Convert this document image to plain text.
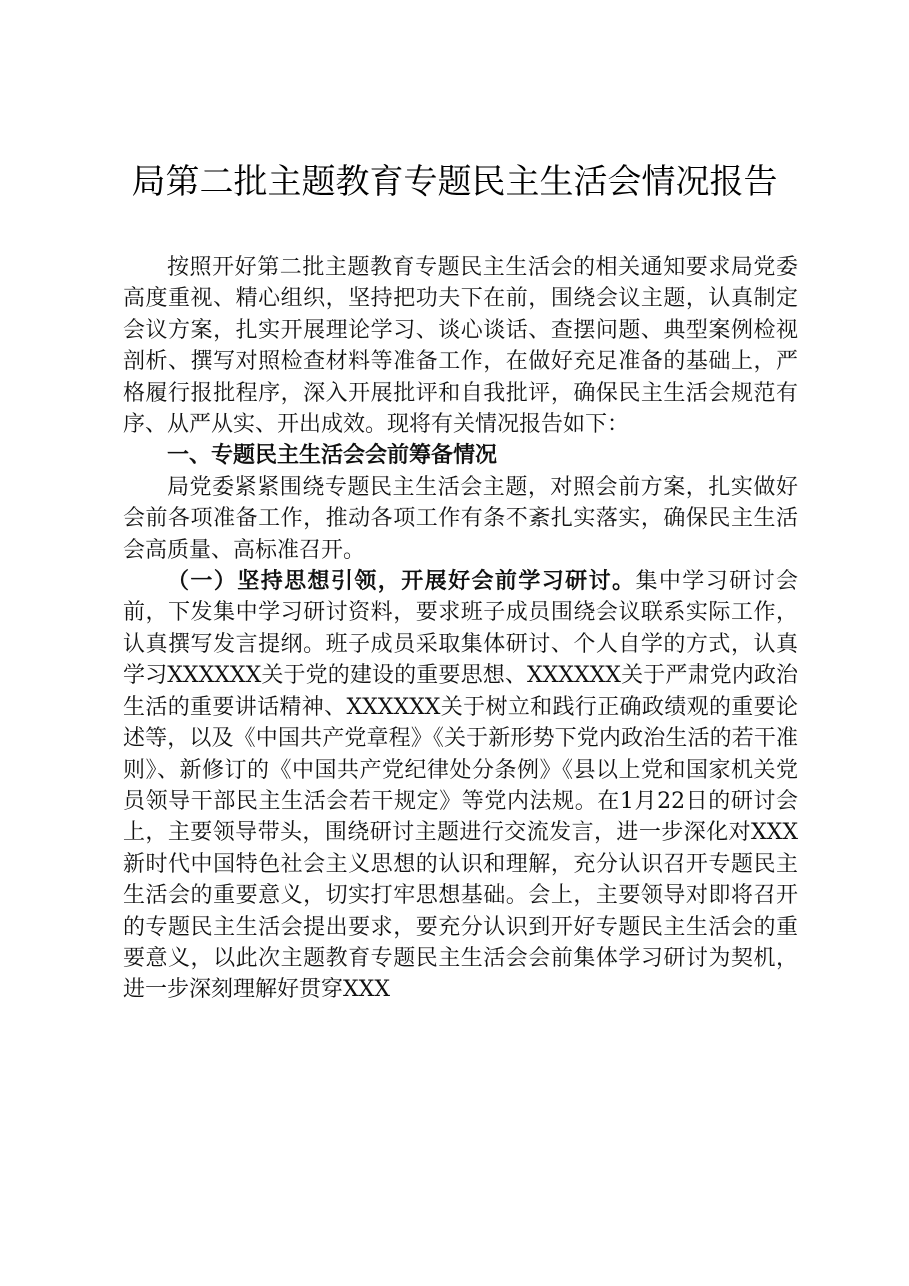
局第二批主题教育专题民主生活会情况报告

按照开好第二批主题教育专题民主生活会的相关通知要求局党委高度重视、精心组织，坚持把功夫下在前，围绕会议主题，认真制定会议方案，扎实开展理论学习、谈心谈话、查摆问题、典型案例检视剖析、撰写对照检查材料等准备工作，在做好充足准备的基础上，严格履行报批程序，深入开展批评和自我批评，确保民主生活会规范有序、从严从实、开出成效。现将有关情况报告如下：

一、专题民主生活会会前筹备情况

局党委紧紧围绕专题民主生活会主题，对照会前方案，扎实做好会前各项准备工作，推动各项工作有条不紊扎实落实，确保民主生活会高质量、高标准召开。

（一）坚持思想引领，开展好会前学习研讨。集中学习研讨会前，下发集中学习研讨资料，要求班子成员围绕会议联系实际工作，认真撰写发言提纲。班子成员采取集体研讨、个人自学的方式，认真学习XXXXXX关于党的建设的重要思想、XXXXXX关于严肃党内政治生活的重要讲话精神、XXXXXX关于树立和践行正确政绩观的重要论述等，以及《中国共产党章程》《关于新形势下党内政治生活的若干准则》、新修订的《中国共产党纪律处分条例》《县以上党和国家机关党员领导干部民主生活会若干规定》等党内法规。在1月22日的研讨会上，主要领导带头，围绕研讨主题进行交流发言，进一步深化对XXX新时代中国特色社会主义思想的认识和理解，充分认识召开专题民主生活会的重要意义，切实打牢思想基础。会上，主要领导对即将召开的专题民主生活会提出要求，要充分认识到开好专题民主生活会的重要意义，以此次主题教育专题民主生活会会前集体学习研讨为契机，进一步深刻理解好贯穿XXX
